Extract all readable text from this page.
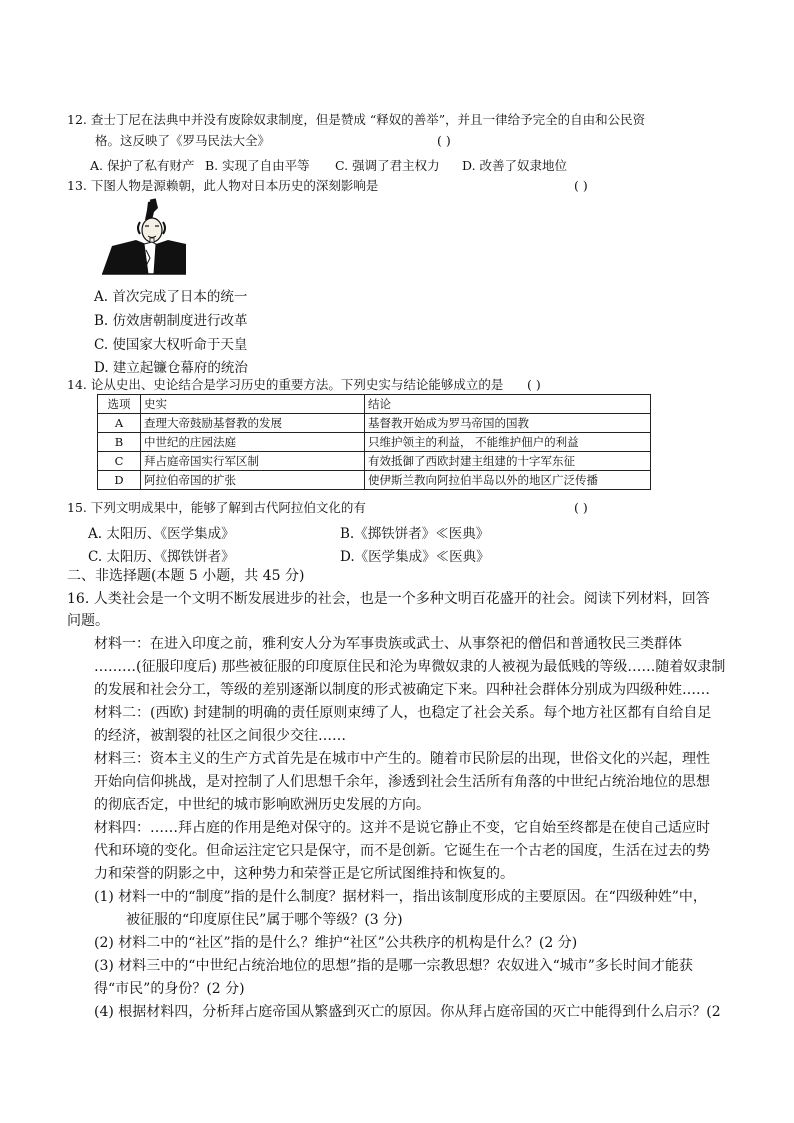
12. 查士丁尼在法典中并没有废除奴隶制度，但是赞成 “释奴的善举”，并且一律给予完全的自由和公民资
格。这反映了《罗马民法大全》	( )
A. 保护了私有财产 B. 实现了自由平等 C. 强调了君主权力 D. 改善了奴隶地位
13. 下图人物是源赖朝，此人物对日本历史的深刻影响是	( )
A. 首次完成了日本的统一
B. 仿效唐朝制度进行改革
C. 使国家大权听命于天皇
D. 建立起镰仓幕府的统治
14. 论从史出、史论结合是学习历史的重要方法。下列史实与结论能够成立的是 ( )
选项	史实	结论
A	查理大帝鼓励基督教的发展	基督教开始成为罗马帝国的国教
B	中世纪的庄园法庭	只维护领主的利益， 不能维护佃户的利益
C	拜占庭帝国实行军区制	有效抵御了西欧封建主组建的十字军东征
D	阿拉伯帝国的扩张	使伊斯兰教向阿拉伯半岛以外的地区广泛传播
15. 下列文明成果中，能够了解到古代阿拉伯文化的有	( )
A. 太阳历、《医学集成》	B.《掷铁饼者》≪医典》
C. 太阳历、《掷铁饼者》	D.《医学集成》≪医典》
二、非选择题(本题 5 小题，共 45 分)
16. 人类社会是一个文明不断发展进步的社会，也是一个多种文明百花盛开的社会。阅读下列材料，回答
问题。
材料一：在进入印度之前，雅利安人分为军事贵族或武士、从事祭祀的僧侣和普通牧民三类群体
………(征服印度后) 那些被征服的印度原住民和沦为卑微奴隶的人被视为最低贱的等级……随着奴隶制
的发展和社会分工，等级的差别逐渐以制度的形式被确定下来。四种社会群体分别成为四级种姓……
材料二：(西欧) 封建制的明确的责任原则束缚了人，也稳定了社会关系。每个地方社区都有自给自足
的经济，被割裂的社区之间很少交往……
材料三：资本主义的生产方式首先是在城市中产生的。随着市民阶层的出现，世俗文化的兴起，理性
开始向信仰挑战，是对控制了人们思想千余年，渗透到社会生活所有角落的中世纪占统治地位的思想
的彻底否定，中世纪的城市影响欧洲历史发展的方向。
材料四：……拜占庭的作用是绝对保守的。这并不是说它静止不变，它自始至终都是在使自己适应时
代和环境的变化。但命运注定它只是保守，而不是创新。它诞生在一个古老的国度，生活在过去的势
力和荣誉的阴影之中，这种势力和荣誉正是它所试图维持和恢复的。
(1) 材料一中的“制度”指的是什么制度？据材料一，指出该制度形成的主要原因。在“四级种姓”中，
被征服的“印度原住民”属于哪个等级？(3 分)
(2) 材料二中的“社区”指的是什么？维护“社区”公共秩序的机构是什么？(2 分)
(3) 材料三中的“中世纪占统治地位的思想”指的是哪一宗教思想？农奴进入“城市”多长时间才能获
得“市民”的身份？(2 分)
(4) 根据材料四，分析拜占庭帝国从繁盛到灭亡的原因。你从拜占庭帝国的灭亡中能得到什么启示？(2
